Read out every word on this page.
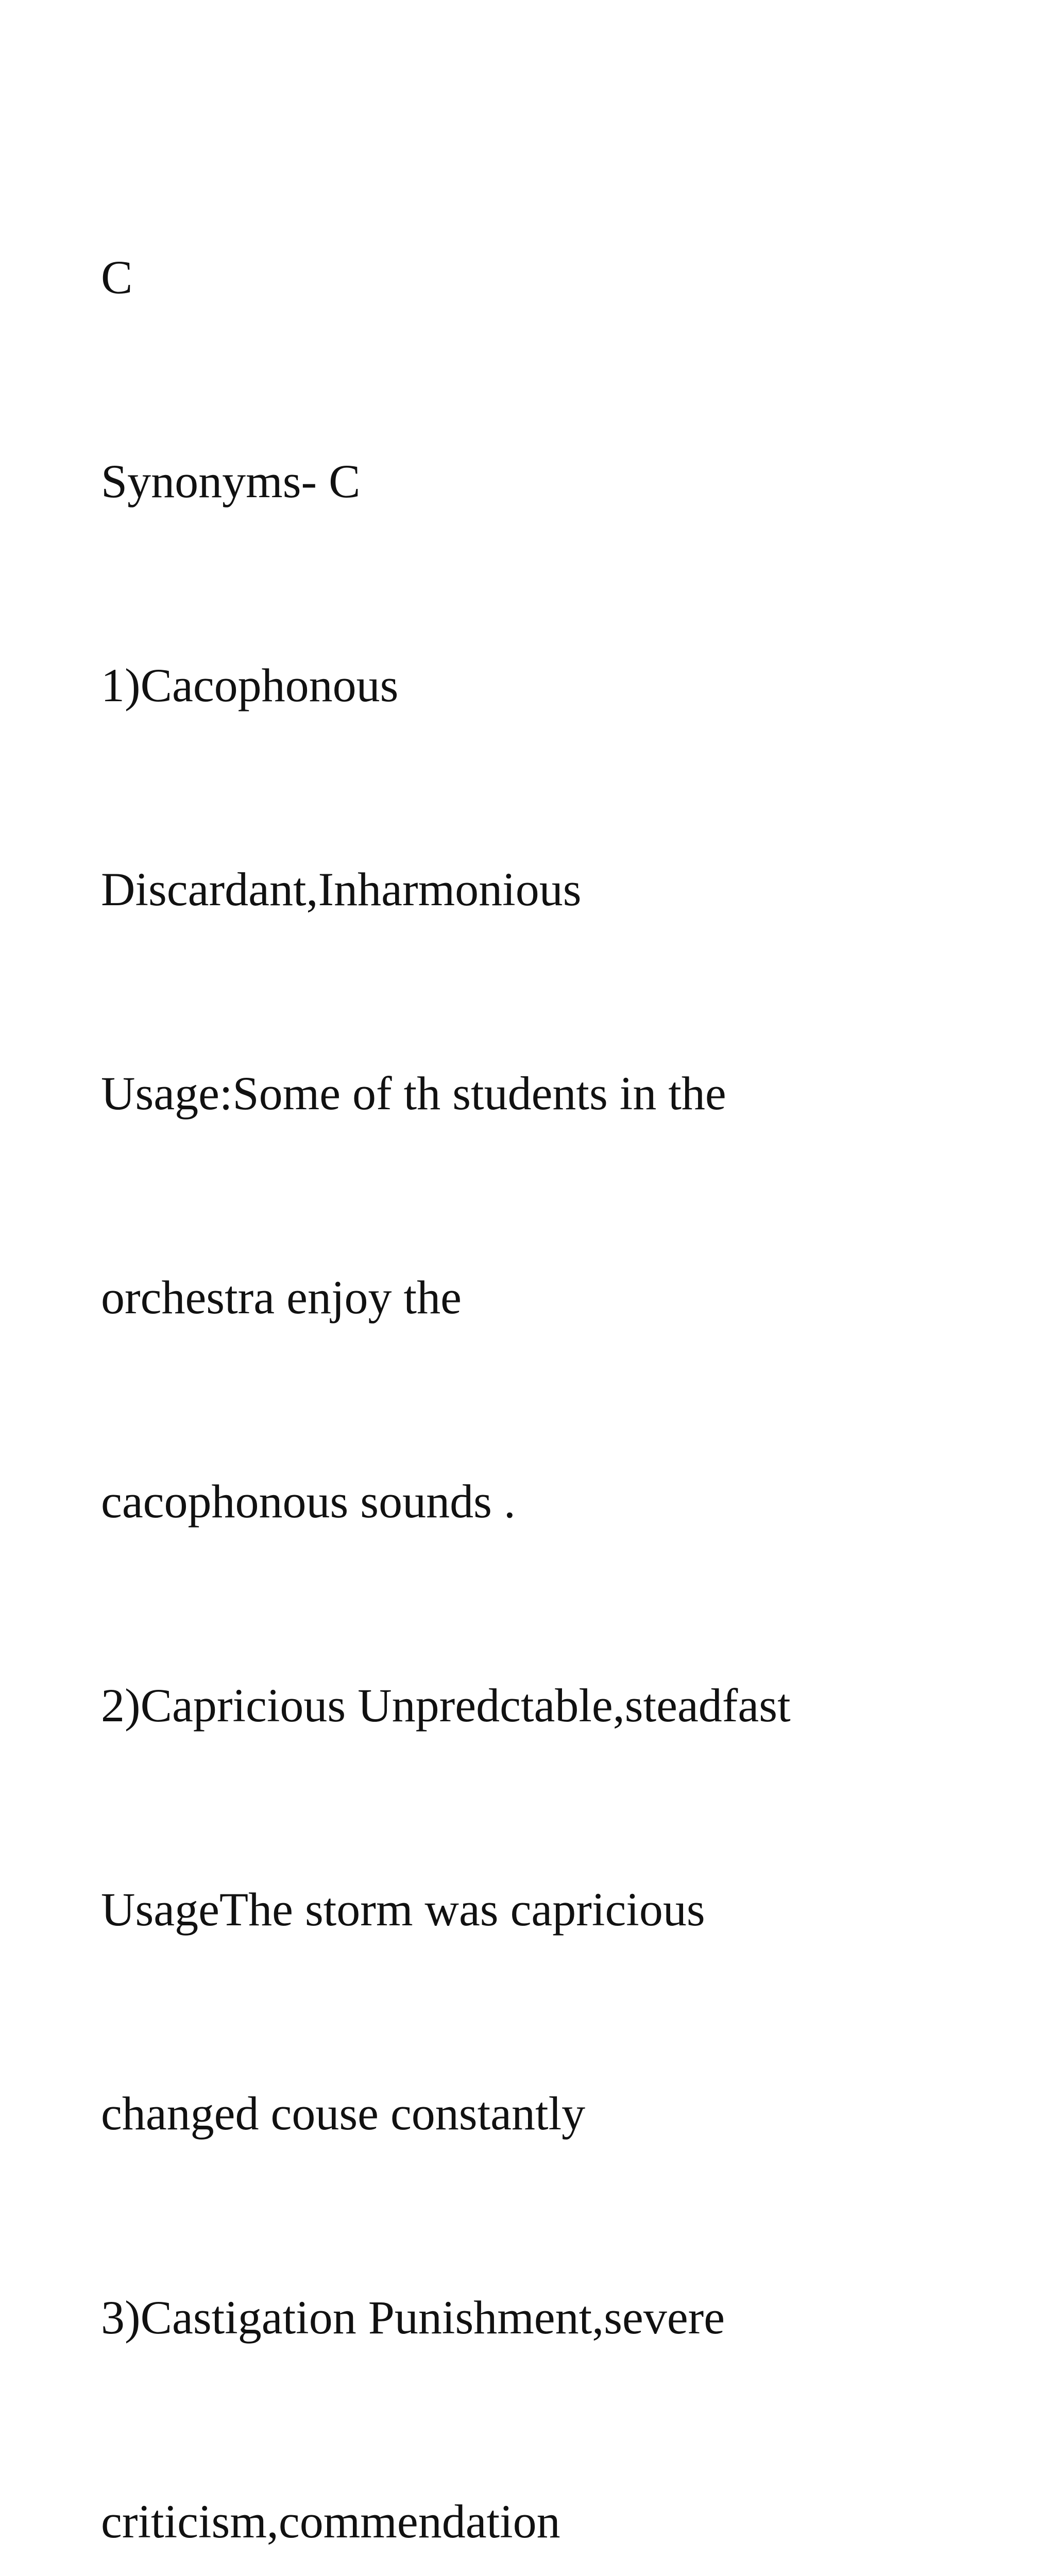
C

Synonyms- C

1)Cacophonous

Discardant,Inharmonious

Usage:Some of th students in the

orchestra enjoy the

cacophonous sounds .

2)Capricious Unpredctable,steadfast

UsageThe storm was capricious

changed couse constantly

3)Castigation Punishment,severe

criticism,commendation
